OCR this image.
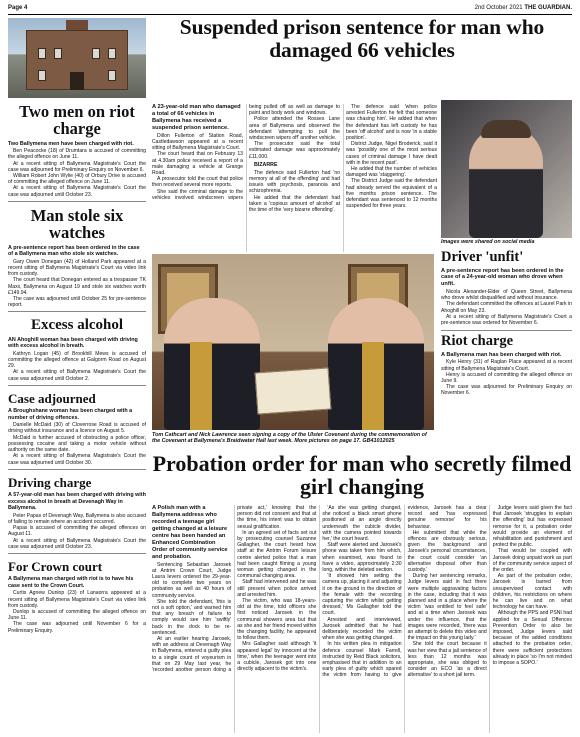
Page 4	2nd October 2021 THE GUARDIAN.
Two men on riot charge
Two Ballymena men have been charged with riot.

Ben Peacocke (18) of Drumtara is accused of committing the alleged offence on June 11.

At a recent sitting of Ballymena Magistrate's Court the case was adjourned for Preliminary Enquiry on November 6.

William Robert John Wylie (40) of Orbury Drive is accused of committing the alleged offence on June 11.

At a recent sitting of Ballymena Magistrate's Court the case was adjourned until October 23.

Man stole six watches
A pre-sentence report has been ordered in the case of a Ballymena man who stole six watches.

Gary Owen Donegan (42) of Holland Park appeared at a recent sitting of Ballymena Magistrate's Court via video link from custody.

The court heard that Donegan entered as a trespasser TK Maxx, Ballymena on August 19 and stole six watches worth £149.94.

The case was adjourned until October 25 for pre-sentence report.

Excess alcohol
AN Ahoghill woman has been charged with driving with excess alcohol in breath.

Kathryn Logan (45) of Brookhill Mews is accused of committing the alleged offence at Galgorm Road on August 29.

At a recent sitting of Ballymena Magistrate's Court the case was adjourned until October 2.

Case adjourned
A Broughshane woman has been charged with a number of driving offences.

Danielle McDaid (30) of Cloverrose Road is accused of driving without insurance and a licence on August 5.

McDaid is further accused of obstructing a police officer, possessing cocaine and taking a motor vehicle without authority on the same date.

At a recent sitting of Ballymena Magistrate's Court the case was adjourned until October 30.

Driving charge
A 57-year-old man has been charged with driving with excess alcohol in breath at Devenagh Way in Ballymena.

Peter Papas of Devenagh Way, Ballymena is also accused of failing to remain where an accident occurred.

Papas is accused of committing the alleged offences on August 11.

At a recent sitting of Ballymena Magistrate's Court the case was adjourned until October 23.

For Crown court
A Ballymena man charged with riot is to have his case sent to the Crown Court.

Curtis Agnew Dunlop (23) of Lanaorra appeared at a recent sitting of Ballymena Magistrate's Court via video link from custody.

Dunlop is accused of committing the alleged offence on June 11.

The case was adjourned until November 6 for a Preliminary Enquiry.

Suspended prison sentence for man who damaged 66 vehicles
A 23-year-old man who damaged a total of 66 vehicles in Ballymena has received a suspended prison sentence.

Dillon Fullerton of Station Road, Castledawson appeared at a recent sitting of Ballymena Magistrate's Court.

The court heard that on February 13 at 4.30am police received a report of a male damaging a vehicle at Grange Road.

A prosecutor told the court that police then received several more reports.

She said the criminal damage to the vehicles involved windscreen wipers being pulled off as well as damage to paint and body work and windows.

Police attended the Rosses Lane area of Ballymena and observed the defendant 'attempting to pull the windscreen wipers off' another vehicle.

The prosecutor said the total estimated damage was approximately £11,000.

BIZARRE

The defence said Fullerton had 'no memory at all of the offending' and had issues with psychosis, paranoia and schizophrenia.

He added that the defendant had taken a 'copious amount of alcohol' at the time of the 'very bizarre offending'.

The defence said 'when police arrested Fullerton he felt that someone was chasing him'. He added that when the defendant has left custody he has been 'off alcohol' and is now 'in a stable position'.

District Judge, Nigel Broderick, said it was 'possibly one of the most serious cases of criminal damage I have dealt with in the recent past'.

He added that the number of vehicles damaged was 'staggering'.

The District Judge said the defendant had already served the equivalent of a five months prison sentence. The defendant was sentenced to 12 months suspended for three years.

Images were shared on social media
Tom Cathcart and Nick Lawrence seen signing a copy of the Ulster Covenant during the commemoration of the Covenant at Ballymena's Braidwater Hall last week. More pictures on page 17. GB41012025
Driver 'unfit'
A pre-sentence report has been ordered in the case of a 24-year-old woman who drove when unfit.

Nicola Alexander-Elder of Queen Street, Ballymena who drove whilst disqualified and without insurance.

The defendant committed the offences at Laurel Park in Ahoghill on May 23.

At a recent sitting of Ballymena Magistrate's Court a pre-sentence was ordered for November 6.

Riot charge
A Ballymena man has been charged with riot.

Kyle Henry (31) of Raglan Place appeared at a recent sitting of Ballymena Magistrate's Court.

Henry is accused of committing the alleged offence on June 9.

The case was adjourned for Preliminary Enquiry on November 6.

Probation order for man who secretly filmed girl changing
A Polish man with a Ballymena address who recorded a teenage girl getting changed at a leisure centre has been handed an Enhanced Combination Order of community service and probation.

Sentencing Sebastian Jarosek at Antrim Crown Court, Judge Laura Ievers ordered the 29-year-old to complete two years on probation as well as 40 hours of community service.

She told the defendant, 'this is not a soft option,' and warned him that any breach of failure to comply would see him 'swiftly' back in the dock to be re-sentenced.

At an earlier hearing Jarosek, with an address at Devenagh Way in Ballymena, entered a guilty plea to a single count of voyeurism in that on 29 May last year, he 'recorded another person doing a private act,' knowing that the person did not consent and that at the time, his intent was to obtain sexual gratification.

In an agreed set of facts set out by prosecuting counsel Suzanne Gallagher, the court heard how staff at the Antrim Forum leisure centre alerted police that a man had been caught filming a young woman getting changed in the communal changing area.

Staff had intervened and he was still present when police arrived and arrested him.

The victim, who was 18-years-old at the time, told officers she first noticed Jarosek in the communal showers area but that as she and her friend moved within the changing facility, he appeared to follow them.

Mrs Gallagher said although 'it appeared legal' by innocent at the time,' when the teenager went into a cubicle, Jarosek got into one directly adjacent to the victim's.

'As she was getting changed, she noticed a black smart phone positioned at an angle directly underneath the cubicle divider, with the camera pointed towards her,' the court heard.

Staff were alerted and Jarosek's phone was taken from him which, when examined, was found to have a video, approximately 2:30 long, within the deleted section.

'It showed him setting the camera up, placing it and adjusting it on the ground in the direction of the female with the recording capturing the victim whilst getting dressed,' Ms Gallagher told the court.

Arrested and interviewed, Jarosek admitted that he had deliberately recorded the victim when she was getting changed.

In his written plea in mitigation defence counsel Mark Farrell, instructed by Reid Black solicitors, emphasised that in addition to an early plea of guilty which spared the victim from having to give evidence, Jarosek has a clear record and 'has expressed genuine remorse' for his behaviour.

He submitted that while the offences are obviously serious, given the background and Jarosek's personal circumstances, the court could consider 'an alternative disposal other than custody.'

During her sentencing remarks, Judge Ievers said in fact there were multiple aggravating factors in the case, including that it was planned and in a place where the victim 'was entitled to feel safe' and at a time when Jarosek was under the influence, that the images were recorded, 'there was an attempt to delete this video and the impact on this young lady.'

She told the court because it was her view that a jail sentence of less than 12 months was appropriate, she was obliged to consider an ECO 'as a direct alternative' to a short jail term.

Judge Ievers said given the fact that Jarosek 'struggles to explain the offending' but has expressed remorse for it, a probation order would provide an element of rehabilitation and punishment and protect the public.

That would be coupled with Jarosek doing unpaid work as part of the community service aspect of the order.

As part of the probation order, Jarosek is barred from unsupervised contact with children, his restrictions on where he can live and on what technology he can have.

Although the PPS and PSNI had applied for a Sexual Offences Prevention Order to also be imposed, Judge Ievers said because of the added conditions attached to the probation order, there were sufficient protections already in place 'so I'm not minded to impose a SOPO.'
